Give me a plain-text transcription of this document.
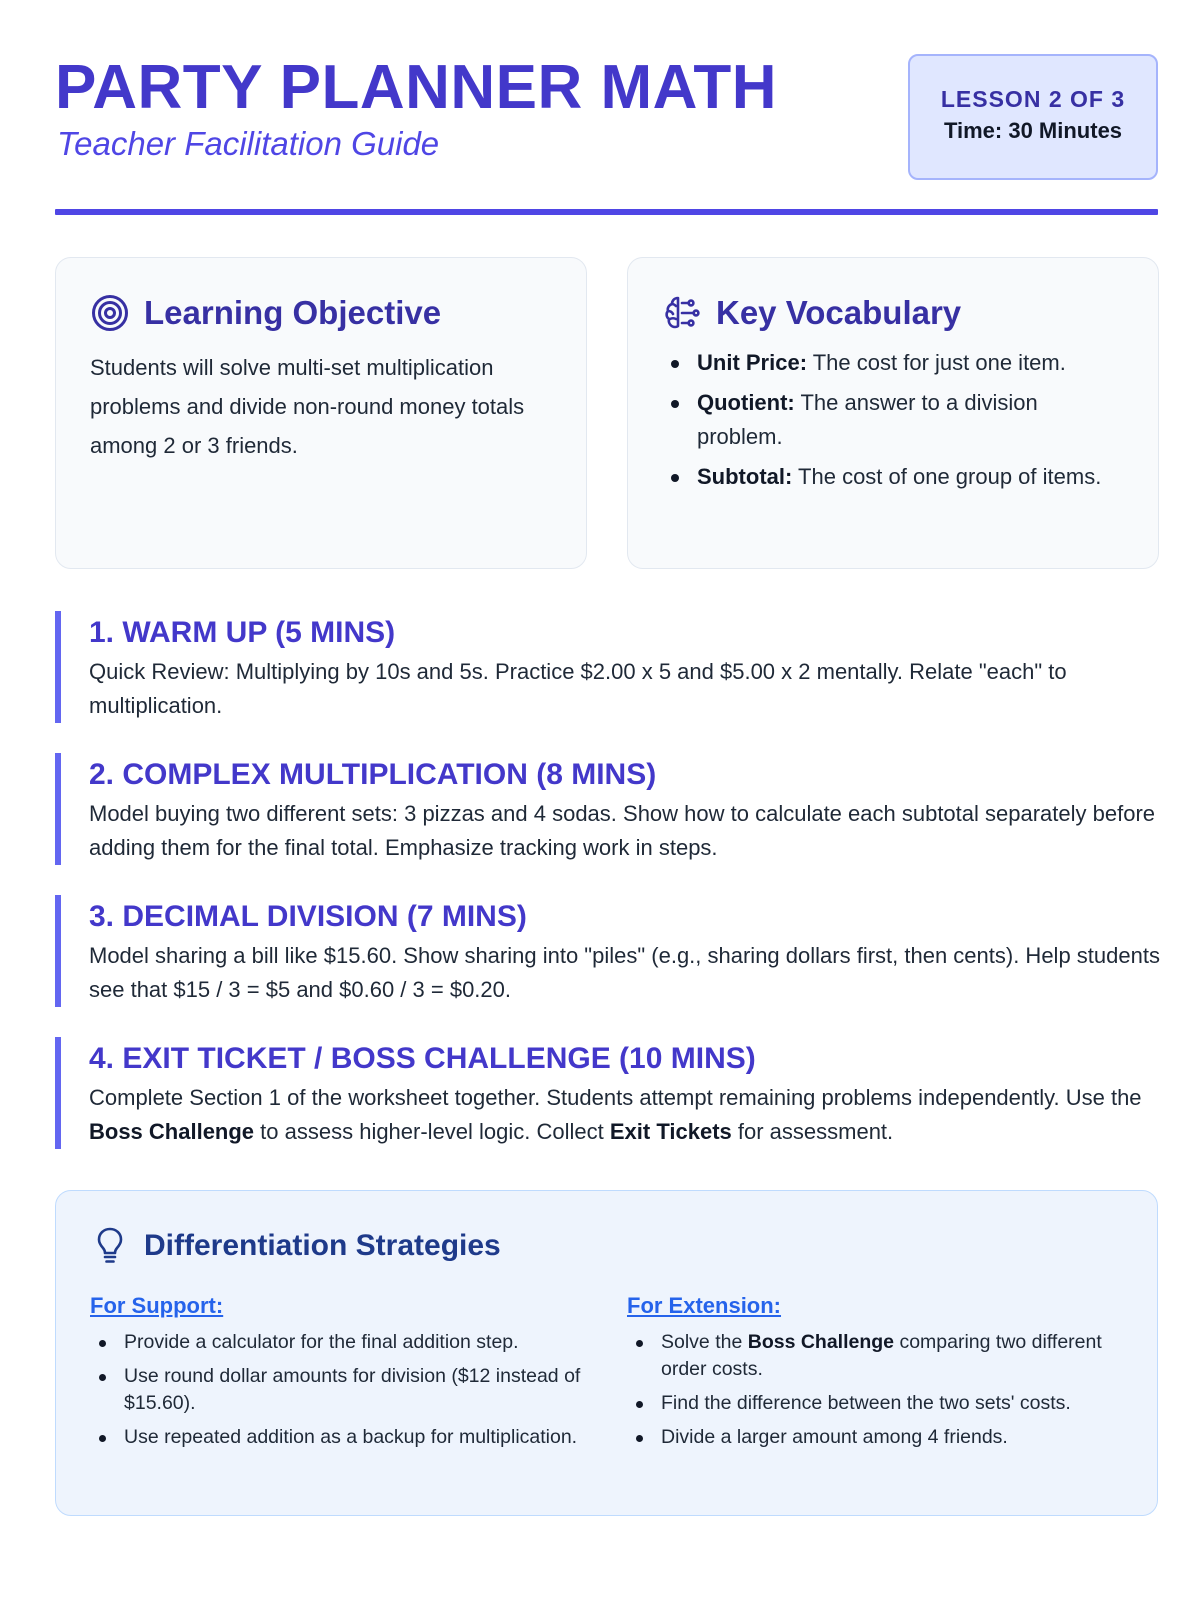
PARTY PLANNER MATH
Teacher Facilitation Guide
LESSON 2 OF 3
Time: 30 Minutes
Learning Objective
Students will solve multi-set multiplication problems and divide non-round money totals among 2 or 3 friends.
Key Vocabulary
Unit Price: The cost for just one item.
Quotient: The answer to a division problem.
Subtotal: The cost of one group of items.
1. WARM UP (5 MINS)
Quick Review: Multiplying by 10s and 5s. Practice $2.00 x 5 and $5.00 x 2 mentally. Relate "each" to multiplication.
2. COMPLEX MULTIPLICATION (8 MINS)
Model buying two different sets: 3 pizzas and 4 sodas. Show how to calculate each subtotal separately before adding them for the final total. Emphasize tracking work in steps.
3. DECIMAL DIVISION (7 MINS)
Model sharing a bill like $15.60. Show sharing into "piles" (e.g., sharing dollars first, then cents). Help students see that $15 / 3 = $5 and $0.60 / 3 = $0.20.
4. EXIT TICKET / BOSS CHALLENGE (10 MINS)
Complete Section 1 of the worksheet together. Students attempt remaining problems independently. Use the Boss Challenge to assess higher-level logic. Collect Exit Tickets for assessment.
Differentiation Strategies
For Support:
Provide a calculator for the final addition step.
Use round dollar amounts for division ($12 instead of $15.60).
Use repeated addition as a backup for multiplication.
For Extension:
Solve the Boss Challenge comparing two different order costs.
Find the difference between the two sets' costs.
Divide a larger amount among 4 friends.
